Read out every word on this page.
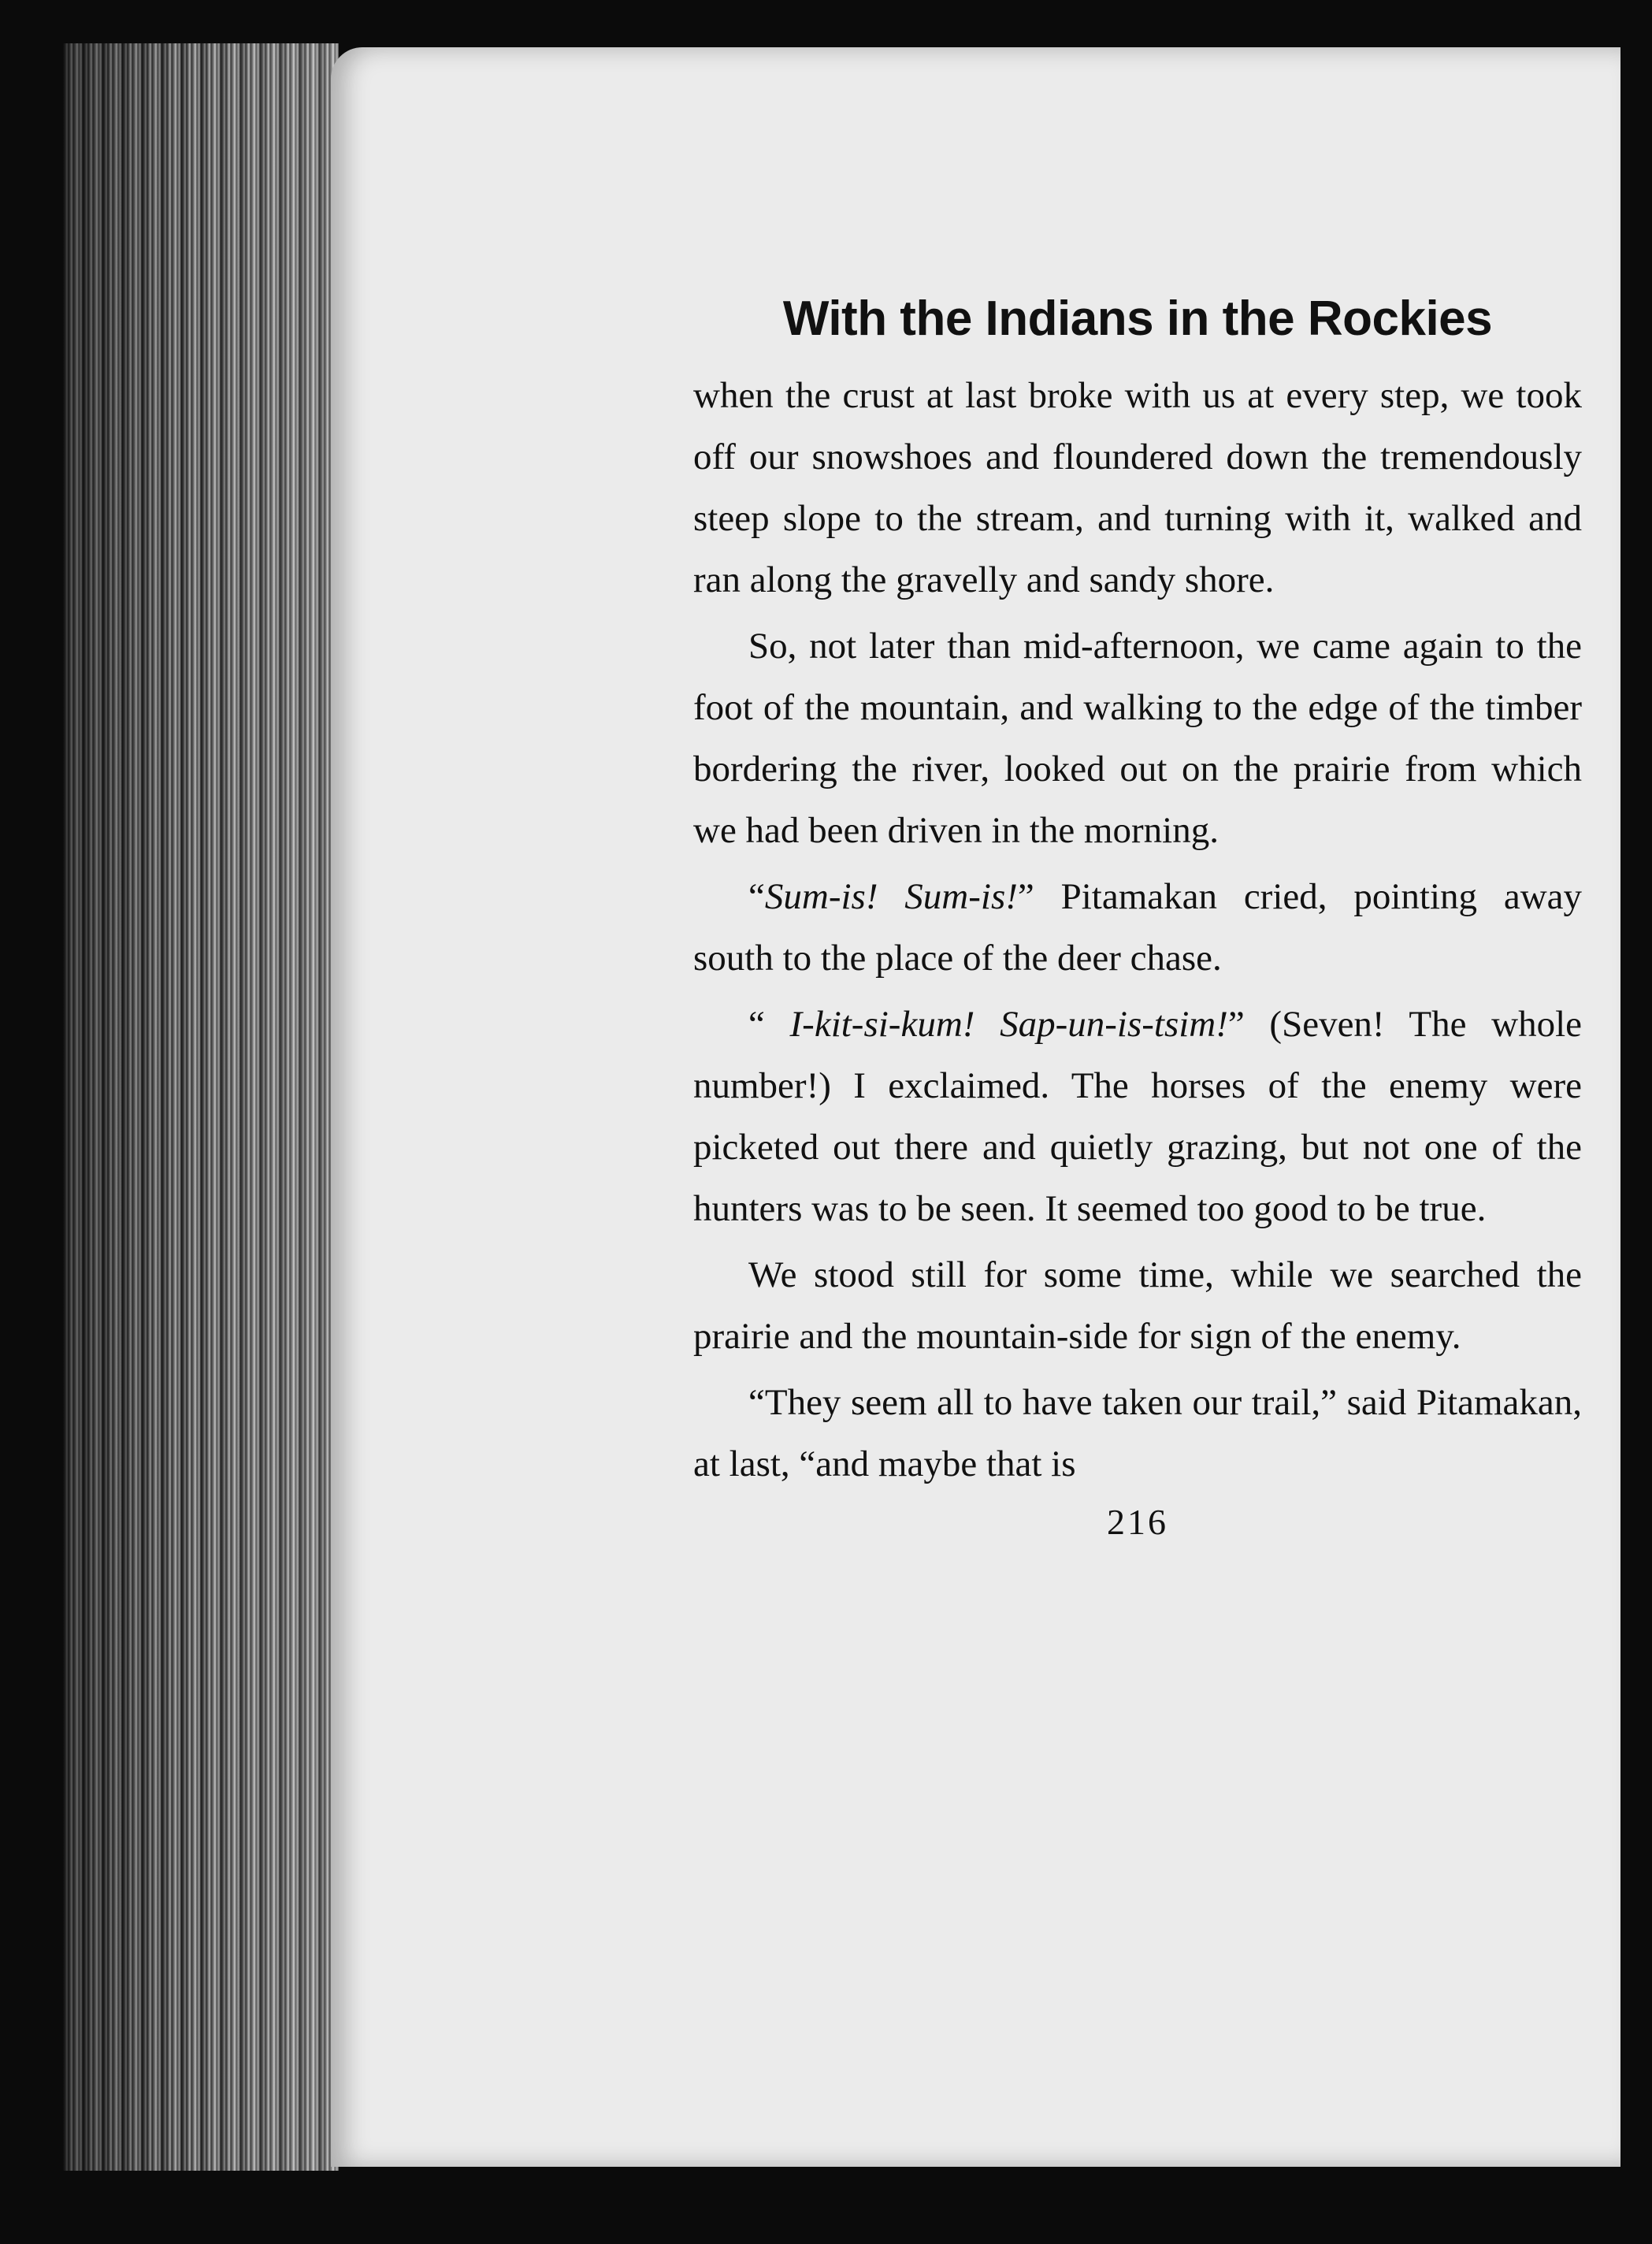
With the Indians in the Rockies

when the crust at last broke with us at every step, we took off our snowshoes and floundered down the tremendously steep slope to the stream, and turning with it, walked and ran along the gravelly and sandy shore.

So, not later than mid-afternoon, we came again to the foot of the mountain, and walking to the edge of the timber bordering the river, looked out on the prairie from which we had been driven in the morning.

“Sum-is! Sum-is!” Pitamakan cried, pointing away south to the place of the deer chase.

“ I-kit-si-kum! Sap-un-is-tsim!” (Seven! The whole number!) I exclaimed. The horses of the enemy were picketed out there and quietly grazing, but not one of the hunters was to be seen. It seemed too good to be true.

We stood still for some time, while we searched the prairie and the mountain-side for sign of the enemy.

“They seem all to have taken our trail,” said Pitamakan, at last, “and maybe that is

216
